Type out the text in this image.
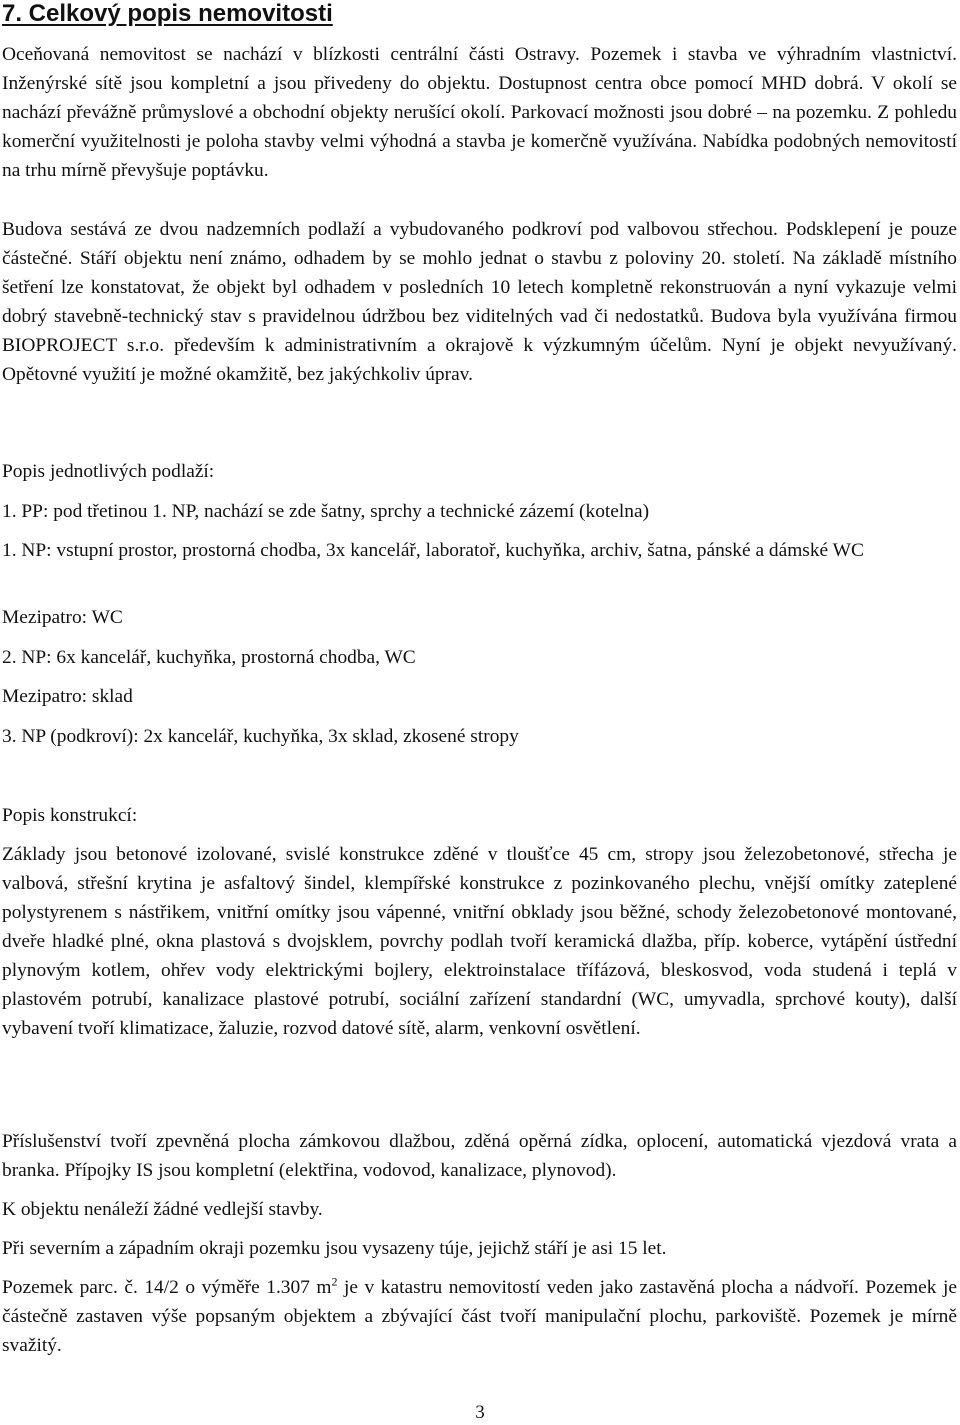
7. Celkový popis nemovitosti

Oceňovaná nemovitost se nachází v blízkosti centrální části Ostravy. Pozemek i stavba ve výhradním vlastnictví. Inženýrské sítě jsou kompletní a jsou přivedeny do objektu. Dostupnost centra obce pomocí MHD dobrá. V okolí se nachází převážně průmyslové a obchodní objekty nerušící okolí. Parkovací možnosti jsou dobré – na pozemku. Z pohledu komerční využitelnosti je poloha stavby velmi výhodná a stavba je komerčně využívána. Nabídka podobných nemovitostí na trhu mírně převyšuje poptávku.

Budova sestává ze dvou nadzemních podlaží a vybudovaného podkroví pod valbovou střechou. Podsklepení je pouze částečné. Stáří objektu není známo, odhadem by se mohlo jednat o stavbu z poloviny 20. století. Na základě místního šetření lze konstatovat, že objekt byl odhadem v posledních 10 letech kompletně rekonstruován a nyní vykazuje velmi dobrý stavebně-technický stav s pravidelnou údržbou bez viditelných vad či nedostatků. Budova byla využívána firmou BIOPROJECT s.r.o. především k administrativním a okrajově k výzkumným účelům. Nyní je objekt nevyužívaný. Opětovné využití je možné okamžitě, bez jakýchkoliv úprav.

Popis jednotlivých podlaží:

1. PP: pod třetinou 1. NP, nachází se zde šatny, sprchy a technické zázemí (kotelna)

1. NP: vstupní prostor, prostorná chodba, 3x kancelář, laboratoř, kuchyňka, archiv, šatna, pánské a dámské WC

Mezipatro: WC

2. NP: 6x kancelář, kuchyňka, prostorná chodba, WC

Mezipatro: sklad

3. NP (podkroví): 2x kancelář, kuchyňka, 3x sklad, zkosené stropy

Popis konstrukcí:

Základy jsou betonové izolované, svislé konstrukce zděné v tloušťce 45 cm, stropy jsou železobetonové, střecha je valbová, střešní krytina je asfaltový šindel, klempířské konstrukce z pozinkovaného plechu, vnější omítky zateplené polystyrenem s nástřikem, vnitřní omítky jsou vápenné, vnitřní obklady jsou běžné, schody železobetonové montované, dveře hladké plné, okna plastová s dvojsklem, povrchy podlah tvoří keramická dlažba, příp. koberce, vytápění ústřední plynovým kotlem, ohřev vody elektrickými bojlery, elektroinstalace třífázová, bleskosvod, voda studená i teplá v plastovém potrubí, kanalizace plastové potrubí, sociální zařízení standardní (WC, umyvadla, sprchové kouty), další vybavení tvoří klimatizace, žaluzie, rozvod datové sítě, alarm, venkovní osvětlení.

Příslušenství tvoří zpevněná plocha zámkovou dlažbou, zděná opěrná zídka, oplocení, automatická vjezdová vrata a branka. Přípojky IS jsou kompletní (elektřina, vodovod, kanalizace, plynovod).

K objektu nenáleží žádné vedlejší stavby.

Při severním a západním okraji pozemku jsou vysazeny túje, jejichž stáří je asi 15 let.

Pozemek parc. č. 14/2 o výměře 1.307 $m^2$ je v katastru nemovitostí veden jako zastavěná plocha a nádvoří. Pozemek je částečně zastaven výše popsaným objektem a zbývající část tvoří manipulační plochu, parkoviště. Pozemek je mírně svažitý.

3
